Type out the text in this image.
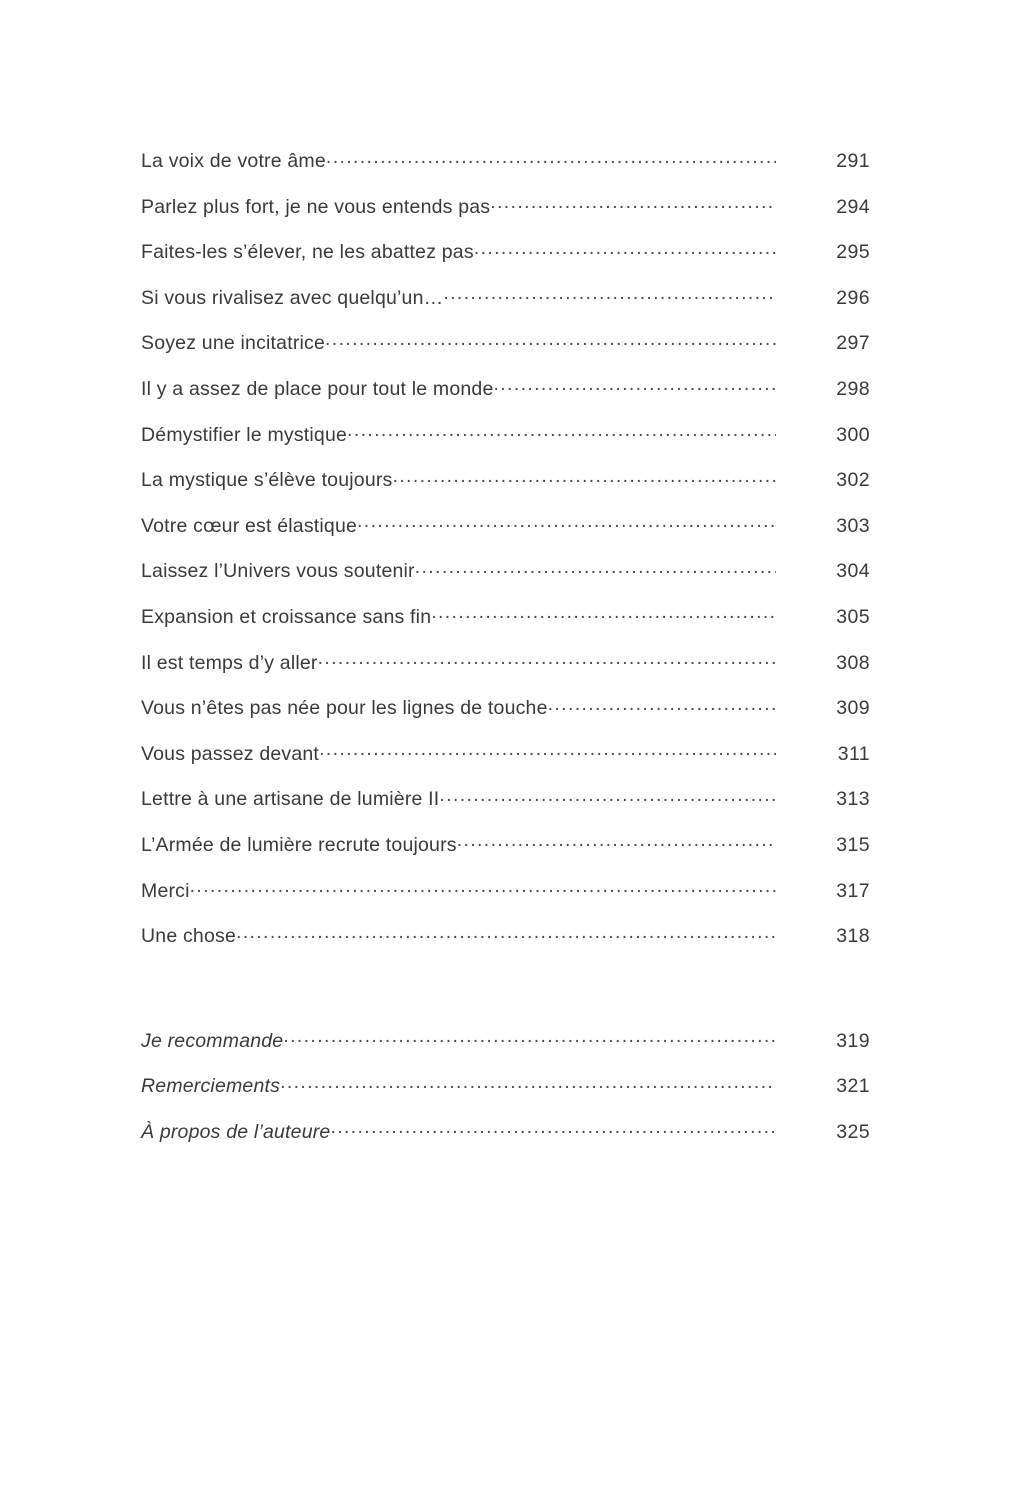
La voix de votre âme .....	291
Parlez plus fort, je ne vous entends pas .....	294
Faites-les s’élever, ne les abattez pas .....	295
Si vous rivalisez avec quelqu’un… .....	296
Soyez une incitatrice .....	297
Il y a assez de place pour tout le monde .....	298
Démystifier le mystique .....	300
La mystique s’élève toujours .....	302
Votre cœur est élastique .....	303
Laissez l’Univers vous soutenir .....	304
Expansion et croissance sans fin .....	305
Il est temps d’y aller .....	308
Vous n’êtes pas née pour les lignes de touche .....	309
Vous passez devant .....	311
Lettre à une artisane de lumière II .....	313
L’Armée de lumière recrute toujours .....	315
Merci .....	317
Une chose .....	318
Je recommande .....	319
Remerciements .....	321
À propos de l’auteure .....	325
